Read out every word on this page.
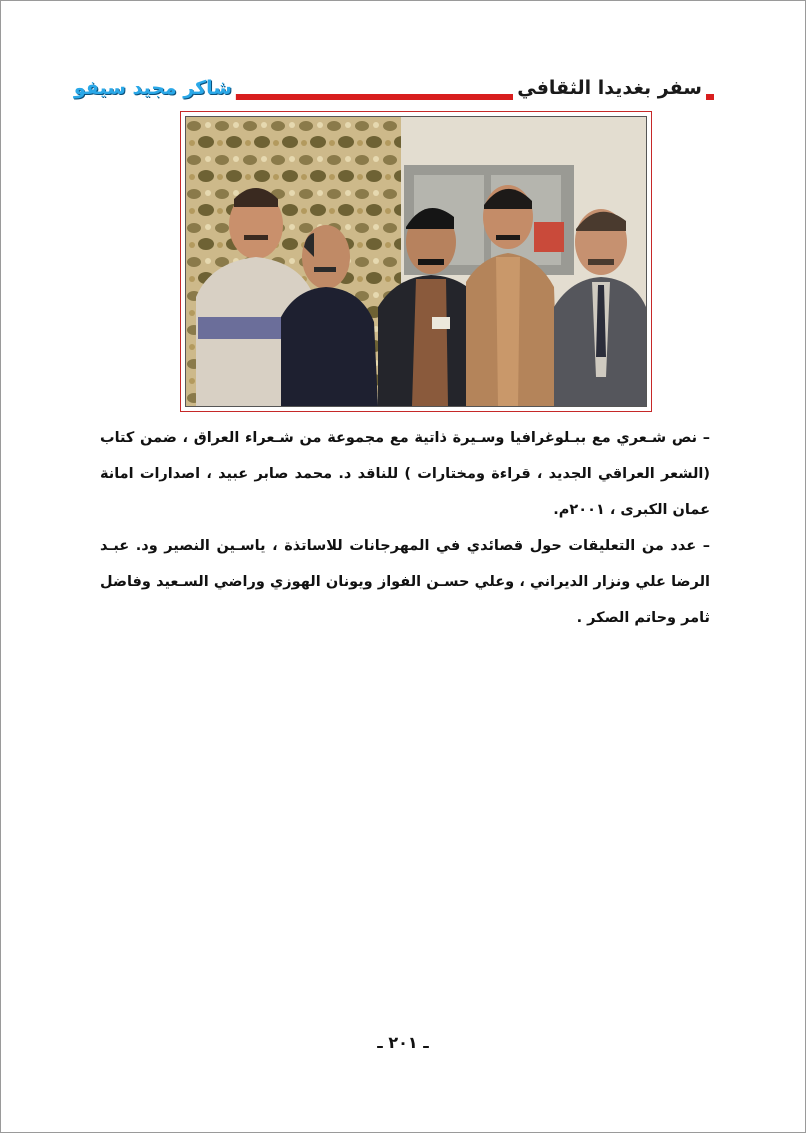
سفر بغديدا الثقافي
شاكر مجيد سيفو

– نص شـعري مع ببـلوغرافيا وسـيرة ذاتية مع مجموعة من شـعراء العراق ، ضمن كتاب (الشعر العراقي الجديد ، قراءة ومختارات ) للناقد د. محمد صابر عبيد ، اصدارات امانة عمان الكبرى ، ٢٠٠١م.

– عدد من التعليقات حول قصائدي في المهرجانات للاساتذة ، ياسـين النصير ود. عبـد الرضا علي ونزار الديراني ، وعلي حسـن الفواز ويونان الهوزي وراضي السـعيد وفاضل ثامر وحاتم الصكر .

ـ ٢٠١ ـ
